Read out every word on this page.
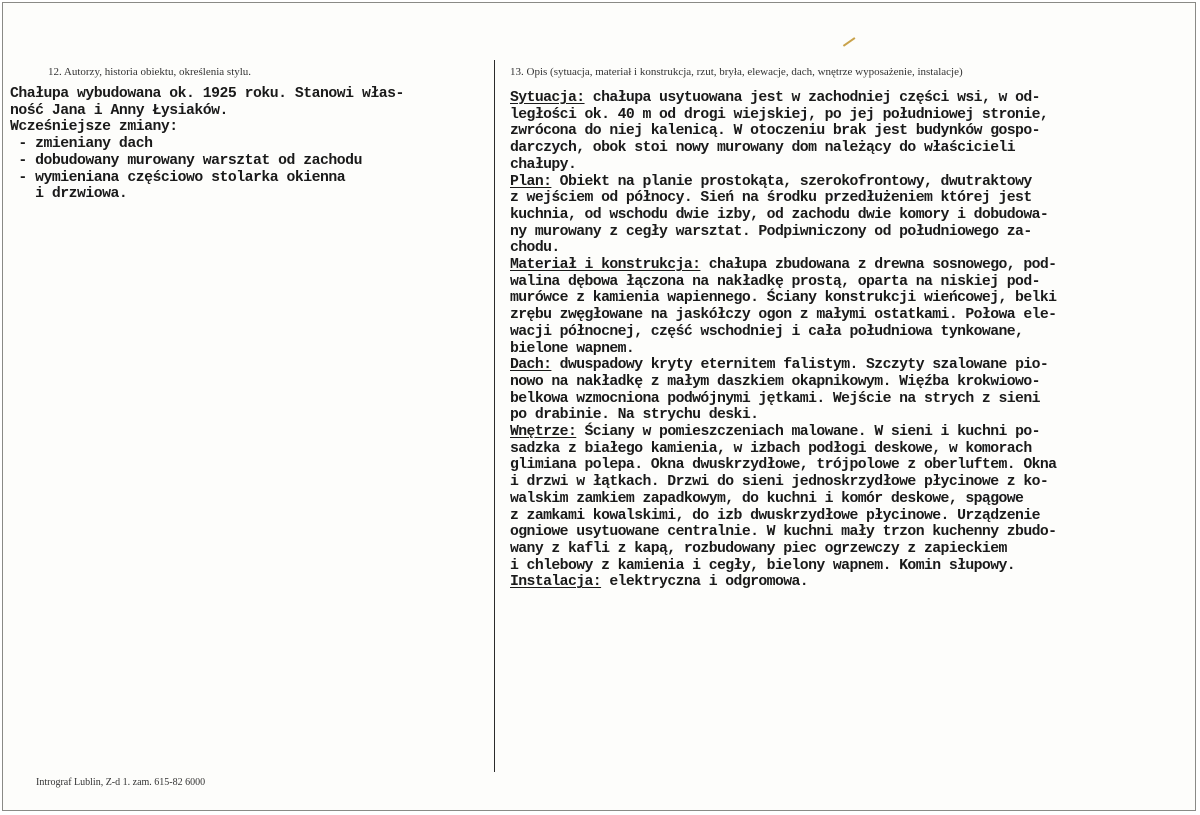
12. Autorzy, historia obiektu, określenia stylu.	13. Opis (sytuacja, materiał i konstrukcja, rzut, bryła, elewacje, dach, wnętrze wyposażenie, instalacje)
Chałupa wybudowana ok. 1925 roku. Stanowi włas-
ność Jana i Anny Łysiaków.
Wcześniejsze zmiany:
- zmieniany dach
- dobudowany murowany warsztat od zachodu
- wymieniana częściowo stolarka okienna
i drzwiowa.
Sytuacja: chałupa usytuowana jest w zachodniej części wsi, w od-
ległości ok. 40 m od drogi wiejskiej, po jej południowej stronie,
zwrócona do niej kalenicą. W otoczeniu brak jest budynków gospo-
darczych, obok stoi nowy murowany dom należący do właścicieli
chałupy.
Plan: Obiekt na planie prostokąta, szerokofrontowy, dwutraktowy
z wejściem od północy. Sień na środku przedłużeniem której jest
kuchnia, od wschodu dwie izby, od zachodu dwie komory i dobudowa-
ny murowany z cegły warsztat. Podpiwniczony od południowego za-
chodu.
Materiał i konstrukcja: chałupa zbudowana z drewna sosnowego, pod-
walina dębowa łączona na nakładkę prostą, oparta na niskiej pod-
murówce z kamienia wapiennego. Ściany konstrukcji wieńcowej, belki
zrębu zwęgłowane na jaskółczy ogon z małymi ostatkami. Połowa ele-
wacji północnej, część wschodniej i cała południowa tynkowane,
bielone wapnem.
Dach: dwuspadowy kryty eternitem falistym. Szczyty szalowane pio-
nowo na nakładkę z małym daszkiem okapnikowym. Więźba krokwiowo-
belkowa wzmocniona podwójnymi jętkami. Wejście na strych z sieni
po drabinie. Na strychu deski.
Wnętrze: Ściany w pomieszczeniach malowane. W sieni i kuchni po-
sadzka z białego kamienia, w izbach podłogi deskowe, w komorach
glimiana polepa. Okna dwuskrzydłowe, trójpolowe z oberluftem. Okna
i drzwi w łątkach. Drzwi do sieni jednoskrzydłowe płycinowe z ko-
walskim zamkiem zapadkowym, do kuchni i komór deskowe, spągowe
z zamkami kowalskimi, do izb dwuskrzydłowe płycinowe. Urządzenie
ogniowe usytuowane centralnie. W kuchni mały trzon kuchenny zbudo-
wany z kafli z kapą, rozbudowany piec ogrzewczy z zapieckiem
i chlebowy z kamienia i cegły, bielony wapnem. Komin słupowy.
Instalacja: elektryczna i odgromowa.
Intrograf Lublin, Z-d 1. zam. 615-82 6000
